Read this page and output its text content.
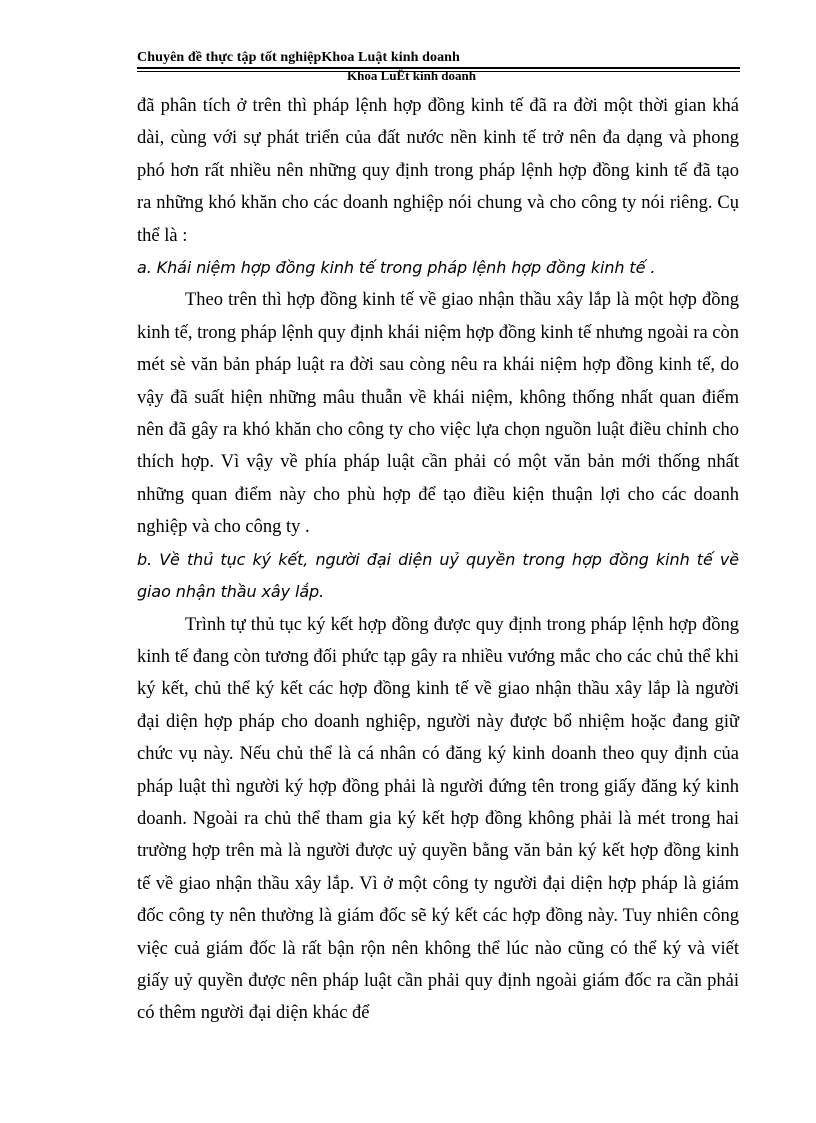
Chuyên đề thực tập tốt nghiệpKhoa Luật kinh doanh
Khoa LuËt kinh doanh

đã phân tích ở trên thì pháp lệnh hợp đồng kinh tế đã ra đời một thời gian khá dài, cùng với sự phát triển của đất nước nền kinh tế trở nên đa dạng và phong phó hơn rất nhiều nên những quy định trong pháp lệnh hợp đồng kinh tế đã tạo ra những khó khăn cho các doanh nghiệp nói chung và cho công ty nói riêng. Cụ thể là :

a. Khái niệm hợp đồng kinh tế trong pháp lệnh hợp đồng kinh tế .

Theo trên thì hợp đồng kinh tế về giao nhận thầu xây lắp là một hợp đồng kinh tế, trong pháp lệnh quy định khái niệm hợp đồng kinh tế nhưng ngoài ra còn mét sè văn bản pháp luật ra đời sau còng nêu ra khái niệm hợp đồng kinh tế, do vậy đã suất hiện những mâu thuẫn về khái niệm, không thống nhất quan điểm nên đã gây ra khó khăn cho công ty cho việc lựa chọn nguồn luật điều chỉnh cho thích hợp. Vì vậy về phía pháp luật cần phải có một văn bản mới thống nhất những quan điểm này cho phù hợp để tạo điều kiện thuận lợi cho các doanh nghiệp và cho công ty .

b. Về thủ tục ký kết, người đại diện uỷ quyền trong hợp đồng kinh tế về giao nhận thầu xây lắp.

Trình tự thủ tục ký kết hợp đồng được quy định trong pháp lệnh hợp đồng kinh tế đang còn tương đối phức tạp gây ra nhiều vướng mắc cho các chủ thể khi ký kết, chủ thể ký kết các hợp đồng kinh tế về giao nhận thầu xây lắp là người đại diện hợp pháp cho doanh nghiệp, người này được bổ nhiệm hoặc đang giữ chức vụ này. Nếu chủ thể là cá nhân có đăng ký kinh doanh theo quy định của pháp luật thì người ký hợp đồng phải là người đứng tên trong giấy đăng ký kinh doanh. Ngoài ra chủ thể tham gia ký kết hợp đồng không phải là mét trong hai trường hợp trên mà là người được uỷ quyền bằng văn bản ký kết hợp đồng kinh tế về giao nhận thầu xây lắp. Vì ở một công ty người đại diện hợp pháp là giám đốc công ty nên thường là giám đốc sẽ ký kết các hợp đồng này. Tuy nhiên công việc cuả giám đốc là rất bận rộn nên không thể lúc nào cũng có thể ký và viết giấy uỷ quyền được nên pháp luật cần phải quy định ngoài giám đốc ra cần phải có thêm người đại diện khác để
